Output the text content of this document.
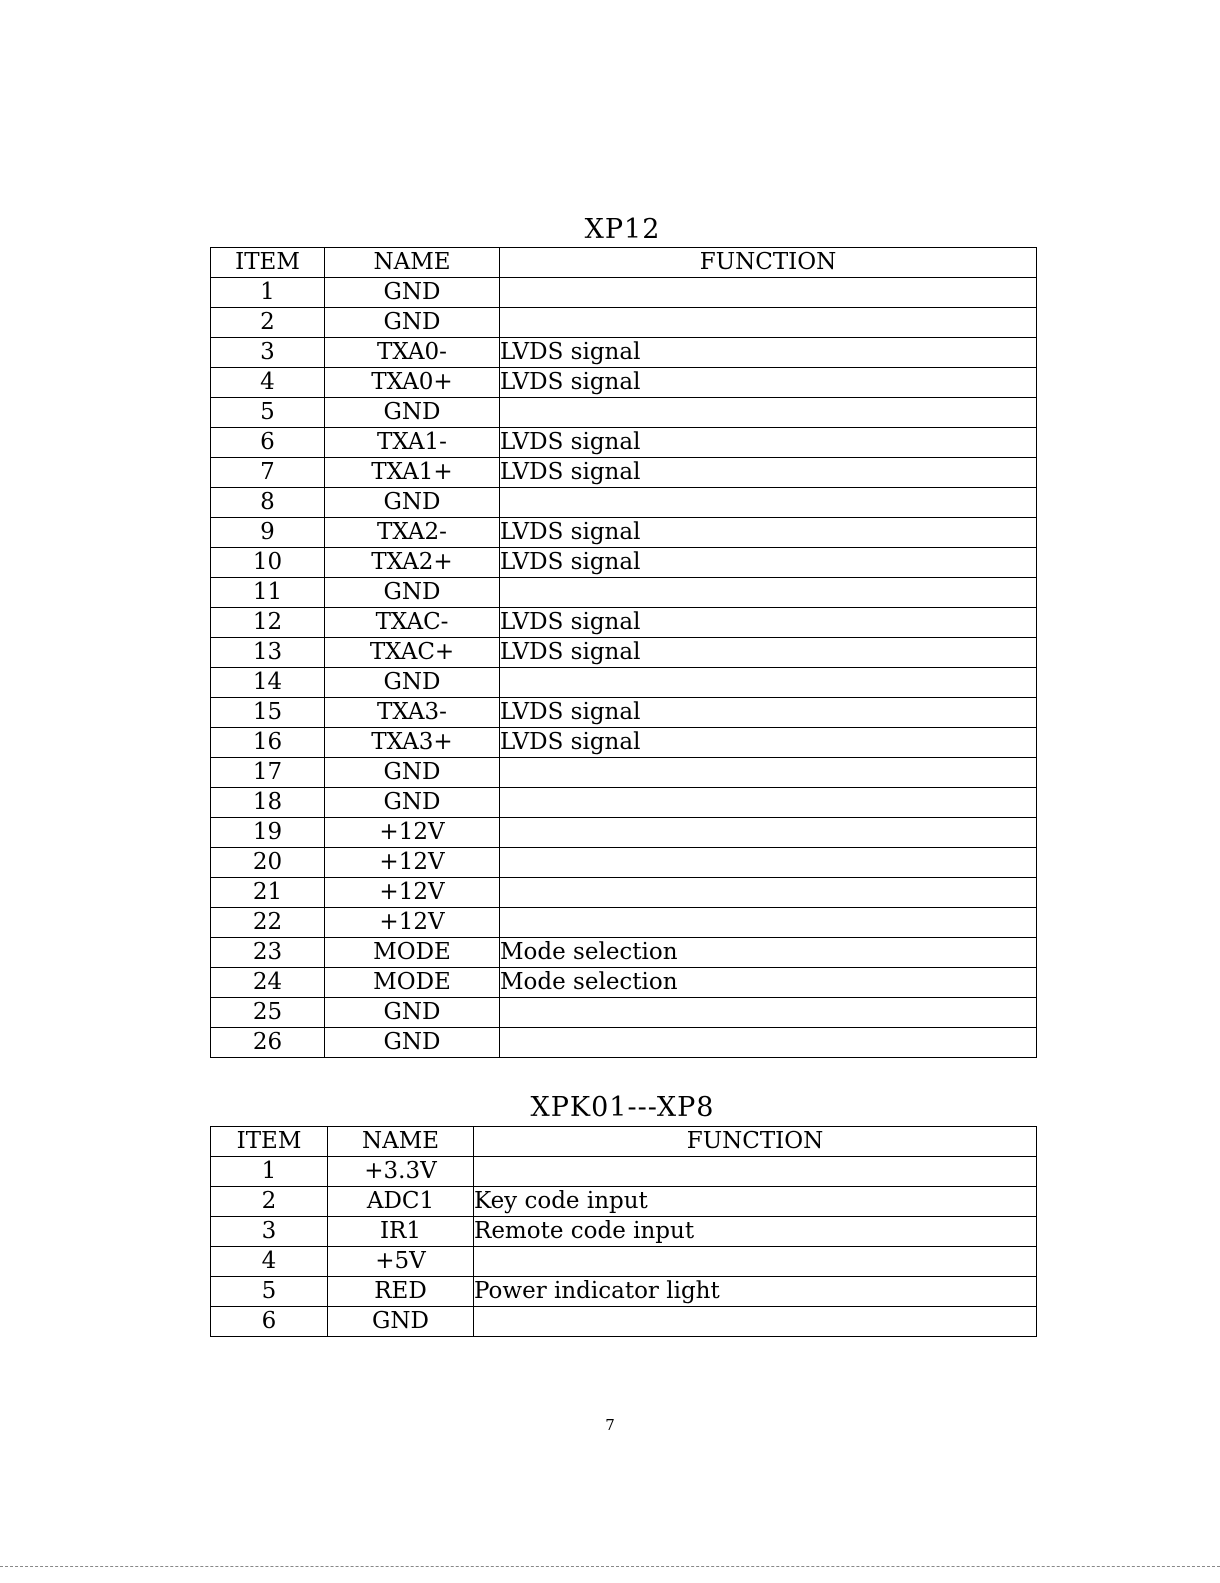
XP12
ITEM	NAME	FUNCTION
1	GND	
2	GND	
3	TXA0-	LVDS signal
4	TXA0+	LVDS signal
5	GND	
6	TXA1-	LVDS signal
7	TXA1+	LVDS signal
8	GND	
9	TXA2-	LVDS signal
10	TXA2+	LVDS signal
11	GND	
12	TXAC-	LVDS signal
13	TXAC+	LVDS signal
14	GND	
15	TXA3-	LVDS signal
16	TXA3+	LVDS signal
17	GND	
18	GND	
19	+12V	
20	+12V	
21	+12V	
22	+12V	
23	MODE	Mode selection
24	MODE	Mode selection
25	GND	
26	GND	
XPK01---XP8
ITEM	NAME	FUNCTION
1	+3.3V	
2	ADC1	Key code input
3	IR1	Remote code input
4	+5V	
5	RED	Power indicator light
6	GND	
7
